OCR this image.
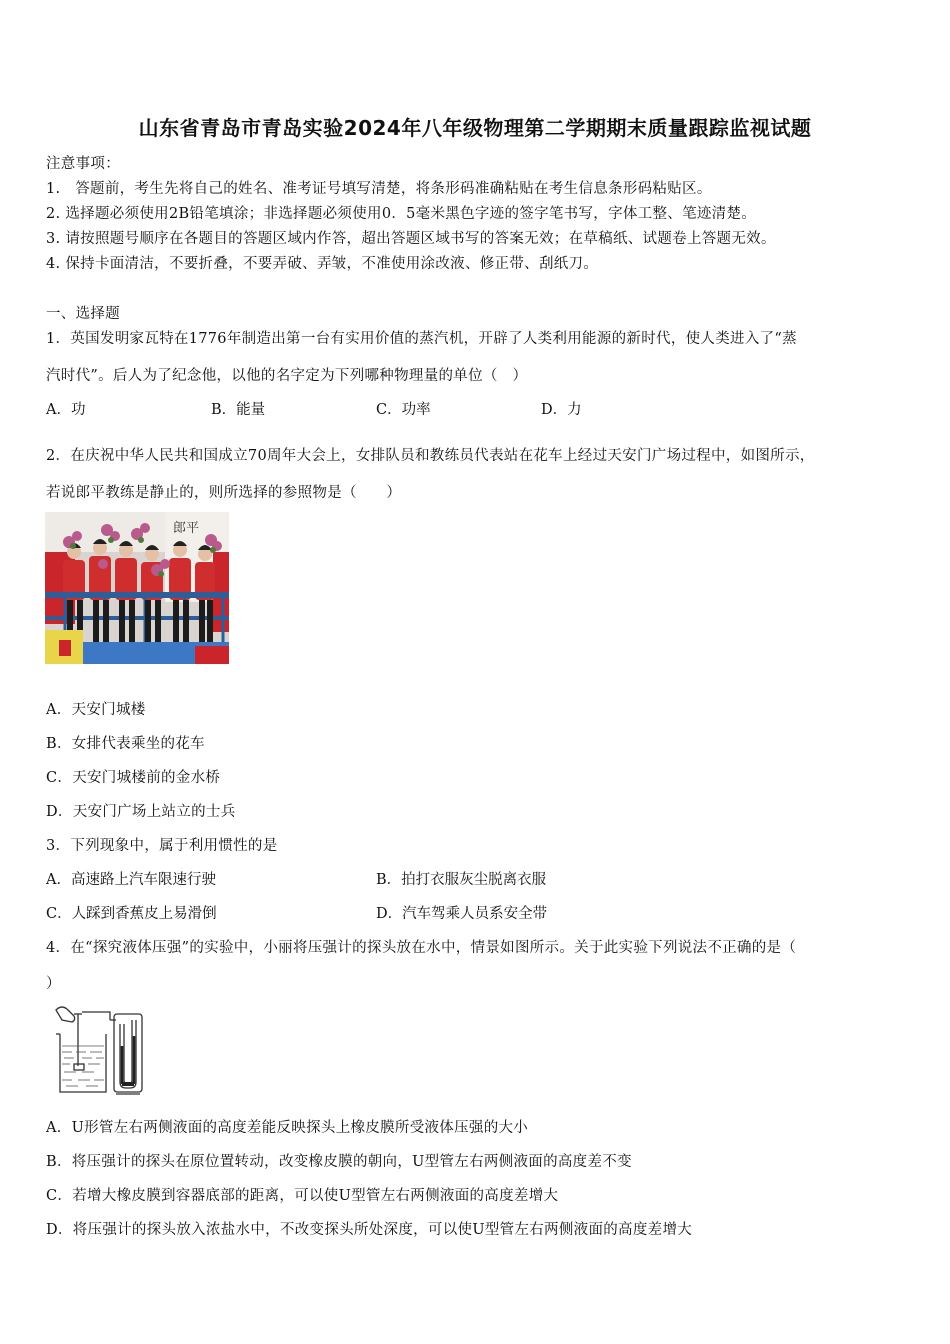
山东省青岛市青岛实验2024年八年级物理第二学期期末质量跟踪监视试题
注意事项：
1.　答题前，考生先将自己的姓名、准考证号填写清楚，将条形码准确粘贴在考生信息条形码粘贴区。
2. 选择题必须使用2B铅笔填涂；非选择题必须使用0．5毫米黑色字迹的签字笔书写，字体工整、笔迹清楚。
3. 请按照题号顺序在各题目的答题区域内作答，超出答题区域书写的答案无效；在草稿纸、试题卷上答题无效。
4. 保持卡面清洁，不要折叠，不要弄破、弄皱，不准使用涂改液、修正带、刮纸刀。
一、选择题
1．英国发明家瓦特在1776年制造出第一台有实用价值的蒸汽机，开辟了人类利用能源的新时代，使人类进入了“蒸
汽时代”。后人为了纪念他，以他的名字定为下列哪种物理量的单位（　）
A．功	B．能量	C．功率	D．力
2．在庆祝中华人民共和国成立70周年大会上，女排队员和教练员代表站在花车上经过天安门广场过程中，如图所示，
若说郎平教练是静止的，则所选择的参照物是（　　）
郎平
A．天安门城楼
B．女排代表乘坐的花车
C．天安门城楼前的金水桥
D．天安门广场上站立的士兵
3．下列现象中，属于利用惯性的是
A．高速路上汽车限速行驶	B．拍打衣服灰尘脱离衣服
C．人踩到香蕉皮上易滑倒	D．汽车驾乘人员系安全带
4．在“探究液体压强”的实验中，小丽将压强计的探头放在水中，情景如图所示。关于此实验下列说法不正确的是（
）
A．U形管左右两侧液面的高度差能反映探头上橡皮膜所受液体压强的大小
B．将压强计的探头在原位置转动，改变橡皮膜的朝向，U型管左右两侧液面的高度差不变
C．若增大橡皮膜到容器底部的距离，可以使U型管左右两侧液面的高度差增大
D．将压强计的探头放入浓盐水中，不改变探头所处深度，可以使U型管左右两侧液面的高度差增大
